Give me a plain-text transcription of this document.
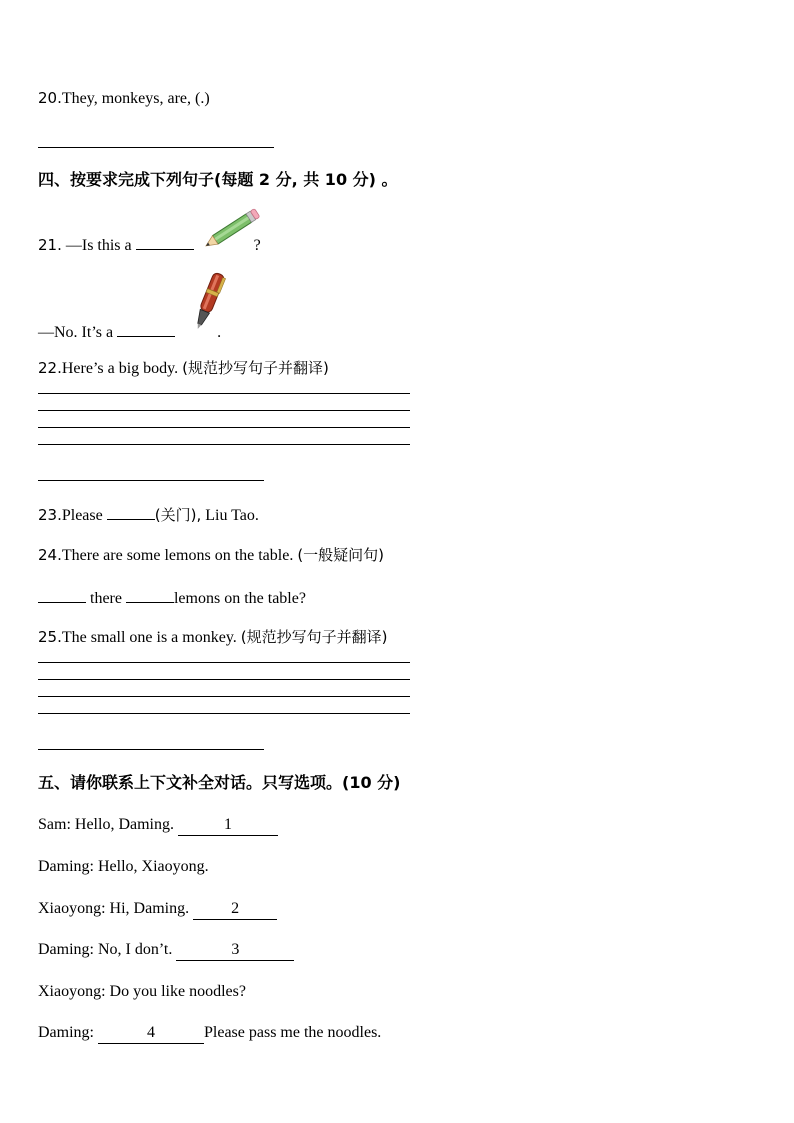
20.They, monkeys, are, (.)
四、按要求完成下列句子(每题 2 分, 共 10 分) 。
21. —Is this a	?
—No. It’s a	.
22.Here’s a big body. (规范抄写句子并翻译)
23.Please	(关门), Liu Tao.
24.There are some lemons on the table. (一般疑问句)
there	lemons on the table?
25.The small one is a monkey. (规范抄写句子并翻译)
五、请你联系上下文补全对话。只写选项。(10 分)
Sam: Hello, Daming.	1
Daming: Hello, Xiaoyong.
Xiaoyong: Hi, Daming.	2
Daming: No, I don’t.	3
Xiaoyong: Do you like noodles?
Daming:	4	Please pass me the noodles.
